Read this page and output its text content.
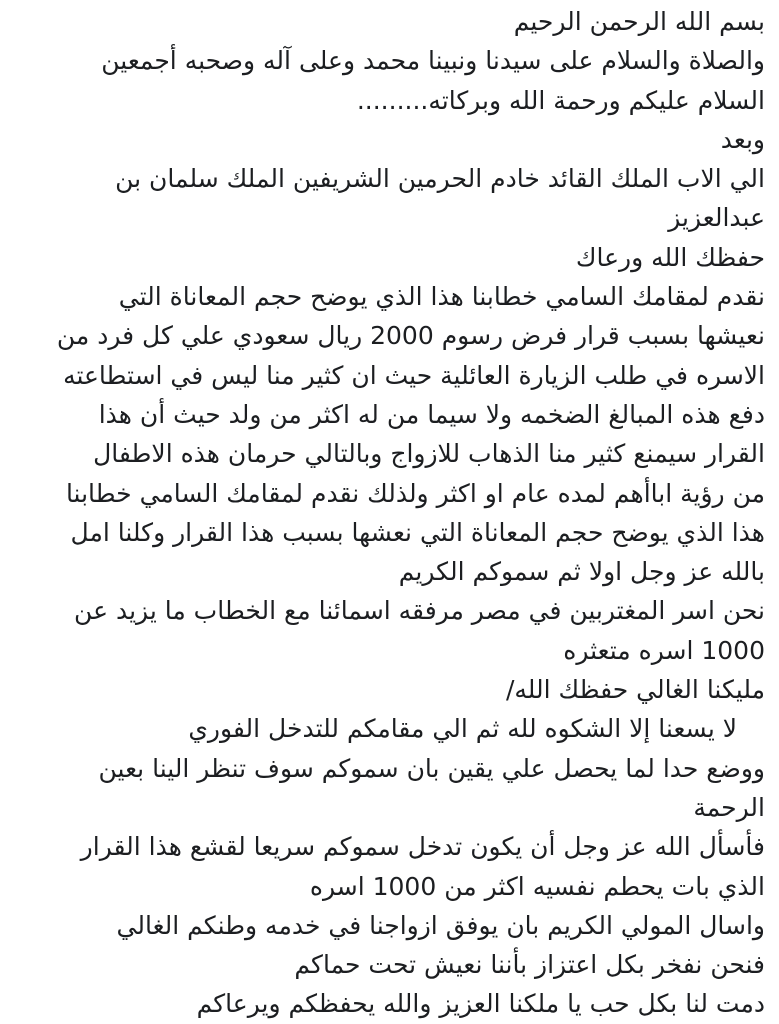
بسم الله الرحمن الرحيم
والصلاة والسلام على سيدنا ونبينا محمد وعلى آله وصحبه أجمعين
السلام عليكم ورحمة الله وبركاته.........
وبعد
الي الاب الملك القائد خادم الحرمين الشريفين الملك سلمان بن
عبدالعزيز
حفظك الله ورعاك
نقدم لمقامك السامي خطابنا هذا الذي يوضح حجم المعاناة التي
نعيشها بسبب قرار فرض رسوم 2000 ريال سعودي علي كل فرد من
الاسره في طلب الزيارة العائلية حيث ان كثير منا ليس في استطاعته
دفع هذه المبالغ الضخمه ولا سيما من له اكثر من ولد حيث أن هذا
القرار سيمنع كثير منا الذهاب للازواج وبالتالي حرمان هذه الاطفال
من رؤية اباأهم لمده عام او اكثر ولذلك نقدم لمقامك السامي خطابنا
هذا الذي يوضح حجم المعاناة التي نعشها بسبب هذا القرار وكلنا امل
بالله عز وجل اولا ثم سموكم الكريم
نحن اسر المغتربين في مصر مرفقه اسمائنا مع الخطاب ما يزيد عن
1000 اسره متعثره
مليكنا الغالي حفظك الله/
لا يسعنا إلا الشكوه لله ثم الي مقامكم للتدخل الفوري
ووضع حدا لما يحصل علي يقين بان سموكم سوف تنظر الينا بعين
الرحمة
فأسأل الله عز وجل أن يكون تدخل سموكم سريعا لقشع هذا القرار
الذي بات يحطم نفسيه اكثر من 1000 اسره
واسال المولي الكريم بان يوفق ازواجنا في خدمه وطنكم الغالي
فنحن نفخر بكل اعتزاز بأننا نعيش تحت حماكم
دمت لنا بكل حب يا ملكنا العزيز والله يحفظكم ويرعاكم
